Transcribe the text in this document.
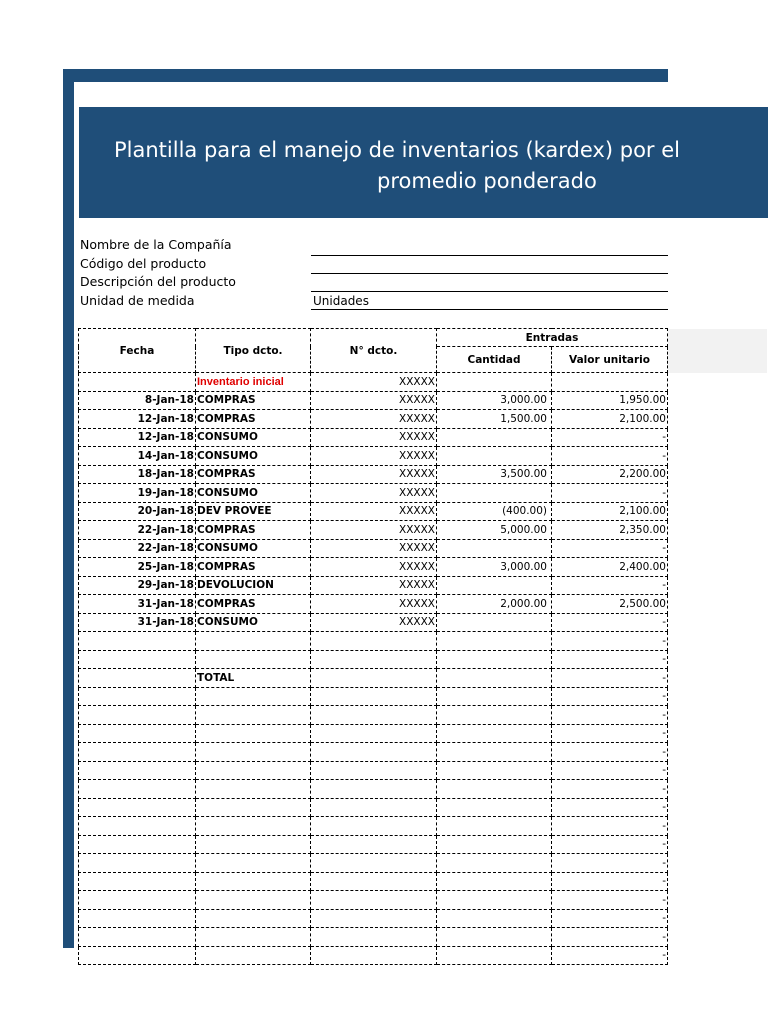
Plantilla para el manejo de inventarios (kardex) por el
promedio ponderado
Nombre de la Compañía
Código del producto
Descripción del producto
Unidad de medida	Unidades
Fecha	Tipo dcto.	N° dcto.	Entradas		
			Cantidad	Valor unitario	
	Inventario inicial	XXXXX			
8-Jan-18	COMPRAS	XXXXX	3,000.00	1,950.00	
12-Jan-18	COMPRAS	XXXXX	1,500.00	2,100.00	
12-Jan-18	CONSUMO	XXXXX		-	
14-Jan-18	CONSUMO	XXXXX		-	
18-Jan-18	COMPRAS	XXXXX	3,500.00	2,200.00	
19-Jan-18	CONSUMO	XXXXX		-	
20-Jan-18	DEV PROVEE	XXXXX	(400.00)	2,100.00	
22-Jan-18	COMPRAS	XXXXX	5,000.00	2,350.00	
22-Jan-18	CONSUMO	XXXXX		-	
25-Jan-18	COMPRAS	XXXXX	3,000.00	2,400.00	
29-Jan-18	DEVOLUCION	XXXXX		-	
31-Jan-18	COMPRAS	XXXXX	2,000.00	2,500.00	
31-Jan-18	CONSUMO	XXXXX		-	
				-	
				-	
	TOTAL			-	
				-	
				-	
				-	
				-	
				-	
				-	
				-	
				-	
				-	
				-	
				-	
				-	
				-	
				-	
				-	
